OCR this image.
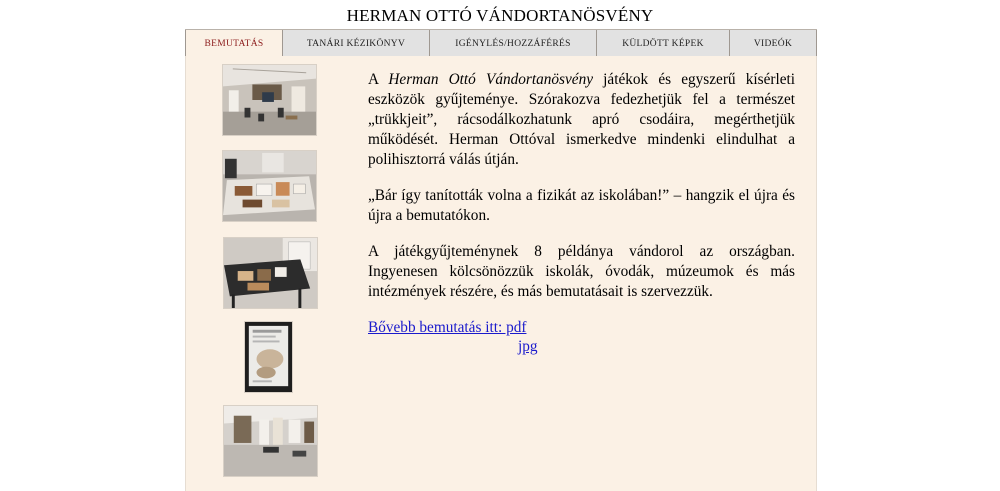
HERMAN OTTÓ VÁNDORTANÖSVÉNY
BEMUTATÁS	TANÁRI KÉZIKÖNYV	IGÉNYLÉS/HOZZÁFÉRÉS	KÜLDÖTT KÉPEK	VIDEÓK

A Herman Ottó Vándortanösvény játékok és egyszerű kísérleti eszközök gyűjteménye. Szórakozva fedezhetjük fel a természet „trükkjeit”, rácsodálkozhatunk apró csodáira, megérthetjük működését. Herman Ottóval ismerkedve mindenki elindulhat a polihisztorrá válás útján.

„Bár így tanították volna a fizikát az iskolában!” – hangzik el újra és újra a bemutatókon.

A játékgyűjteménynek 8 példánya vándorol az országban. Ingyenesen kölcsönözzük iskolák, óvodák, múzeumok és más intézmények részére, és más bemutatásait is szervezzük.

Bővebb bemutatás itt: pdf
jpg
